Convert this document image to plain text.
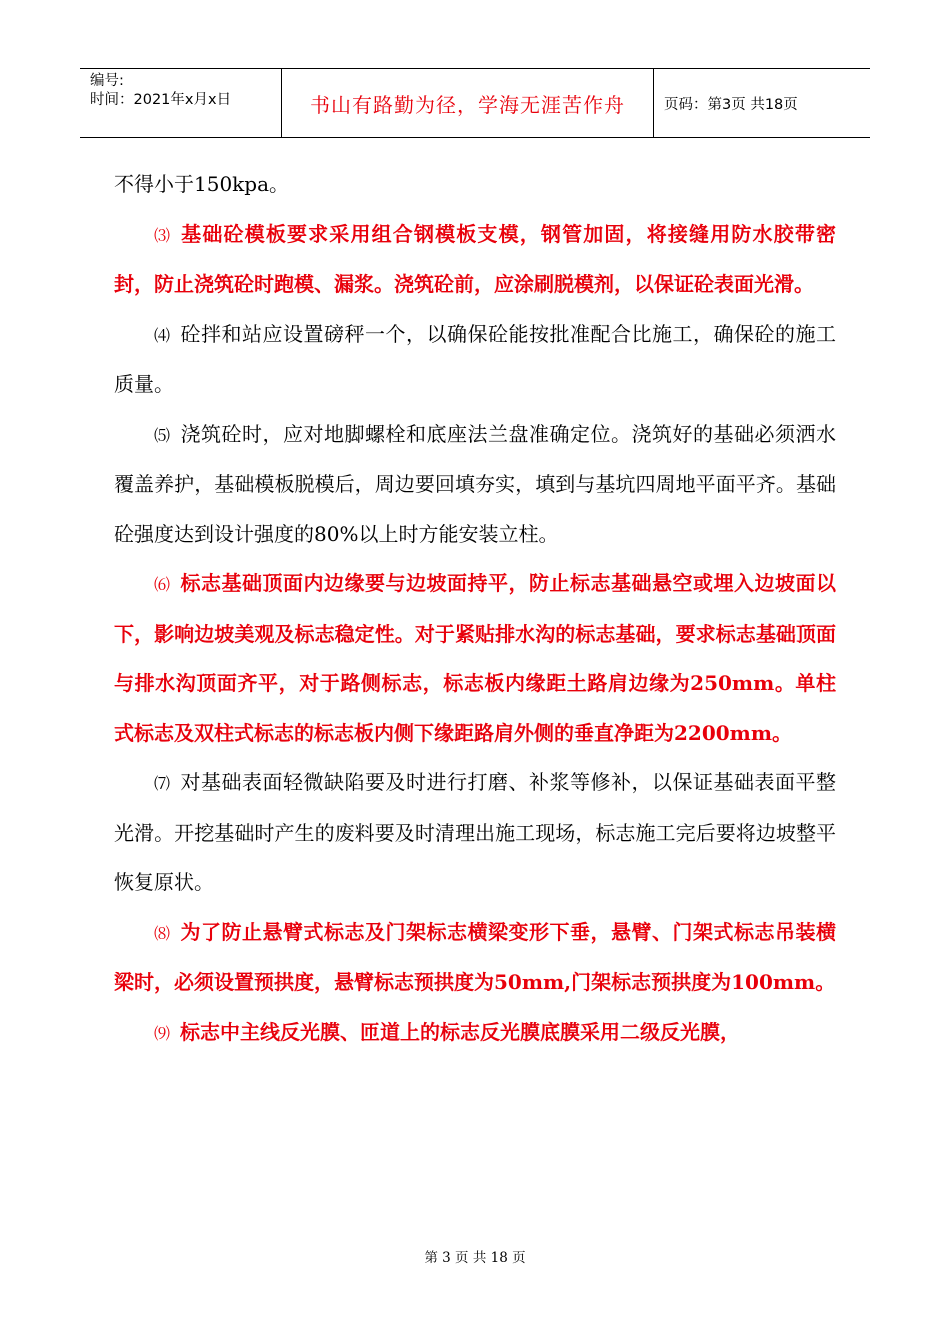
编号:
时间：2021年x月x日	书山有路勤为径，学海无涯苦作舟	页码：第3页 共18页

不得小于150kpa。

⑶ 基础砼模板要求采用组合钢模板支模，钢管加固，将接缝用防水胶带密封，防止浇筑砼时跑模、漏浆。浇筑砼前，应涂刷脱模剂，以保证砼表面光滑。

⑷ 砼拌和站应设置磅秤一个，以确保砼能按批准配合比施工，确保砼的施工质量。

⑸ 浇筑砼时，应对地脚螺栓和底座法兰盘准确定位。浇筑好的基础必须洒水覆盖养护，基础模板脱模后，周边要回填夯实，填到与基坑四周地平面平齐。基础砼强度达到设计强度的80%以上时方能安装立柱。

⑹ 标志基础顶面内边缘要与边坡面持平，防止标志基础悬空或埋入边坡面以下，影响边坡美观及标志稳定性。对于紧贴排水沟的标志基础，要求标志基础顶面与排水沟顶面齐平，对于路侧标志，标志板内缘距土路肩边缘为250mm。单柱式标志及双柱式标志的标志板内侧下缘距路肩外侧的垂直净距为2200mm。

⑺ 对基础表面轻微缺陷要及时进行打磨、补浆等修补，以保证基础表面平整光滑。开挖基础时产生的废料要及时清理出施工现场，标志施工完后要将边坡整平恢复原状。

⑻ 为了防止悬臂式标志及门架标志横梁变形下垂，悬臂、门架式标志吊装横梁时，必须设置预拱度，悬臂标志预拱度为50mm,门架标志预拱度为100mm。

⑼ 标志中主线反光膜、匝道上的标志反光膜底膜采用二级反光膜，

第 3 页 共 18 页
